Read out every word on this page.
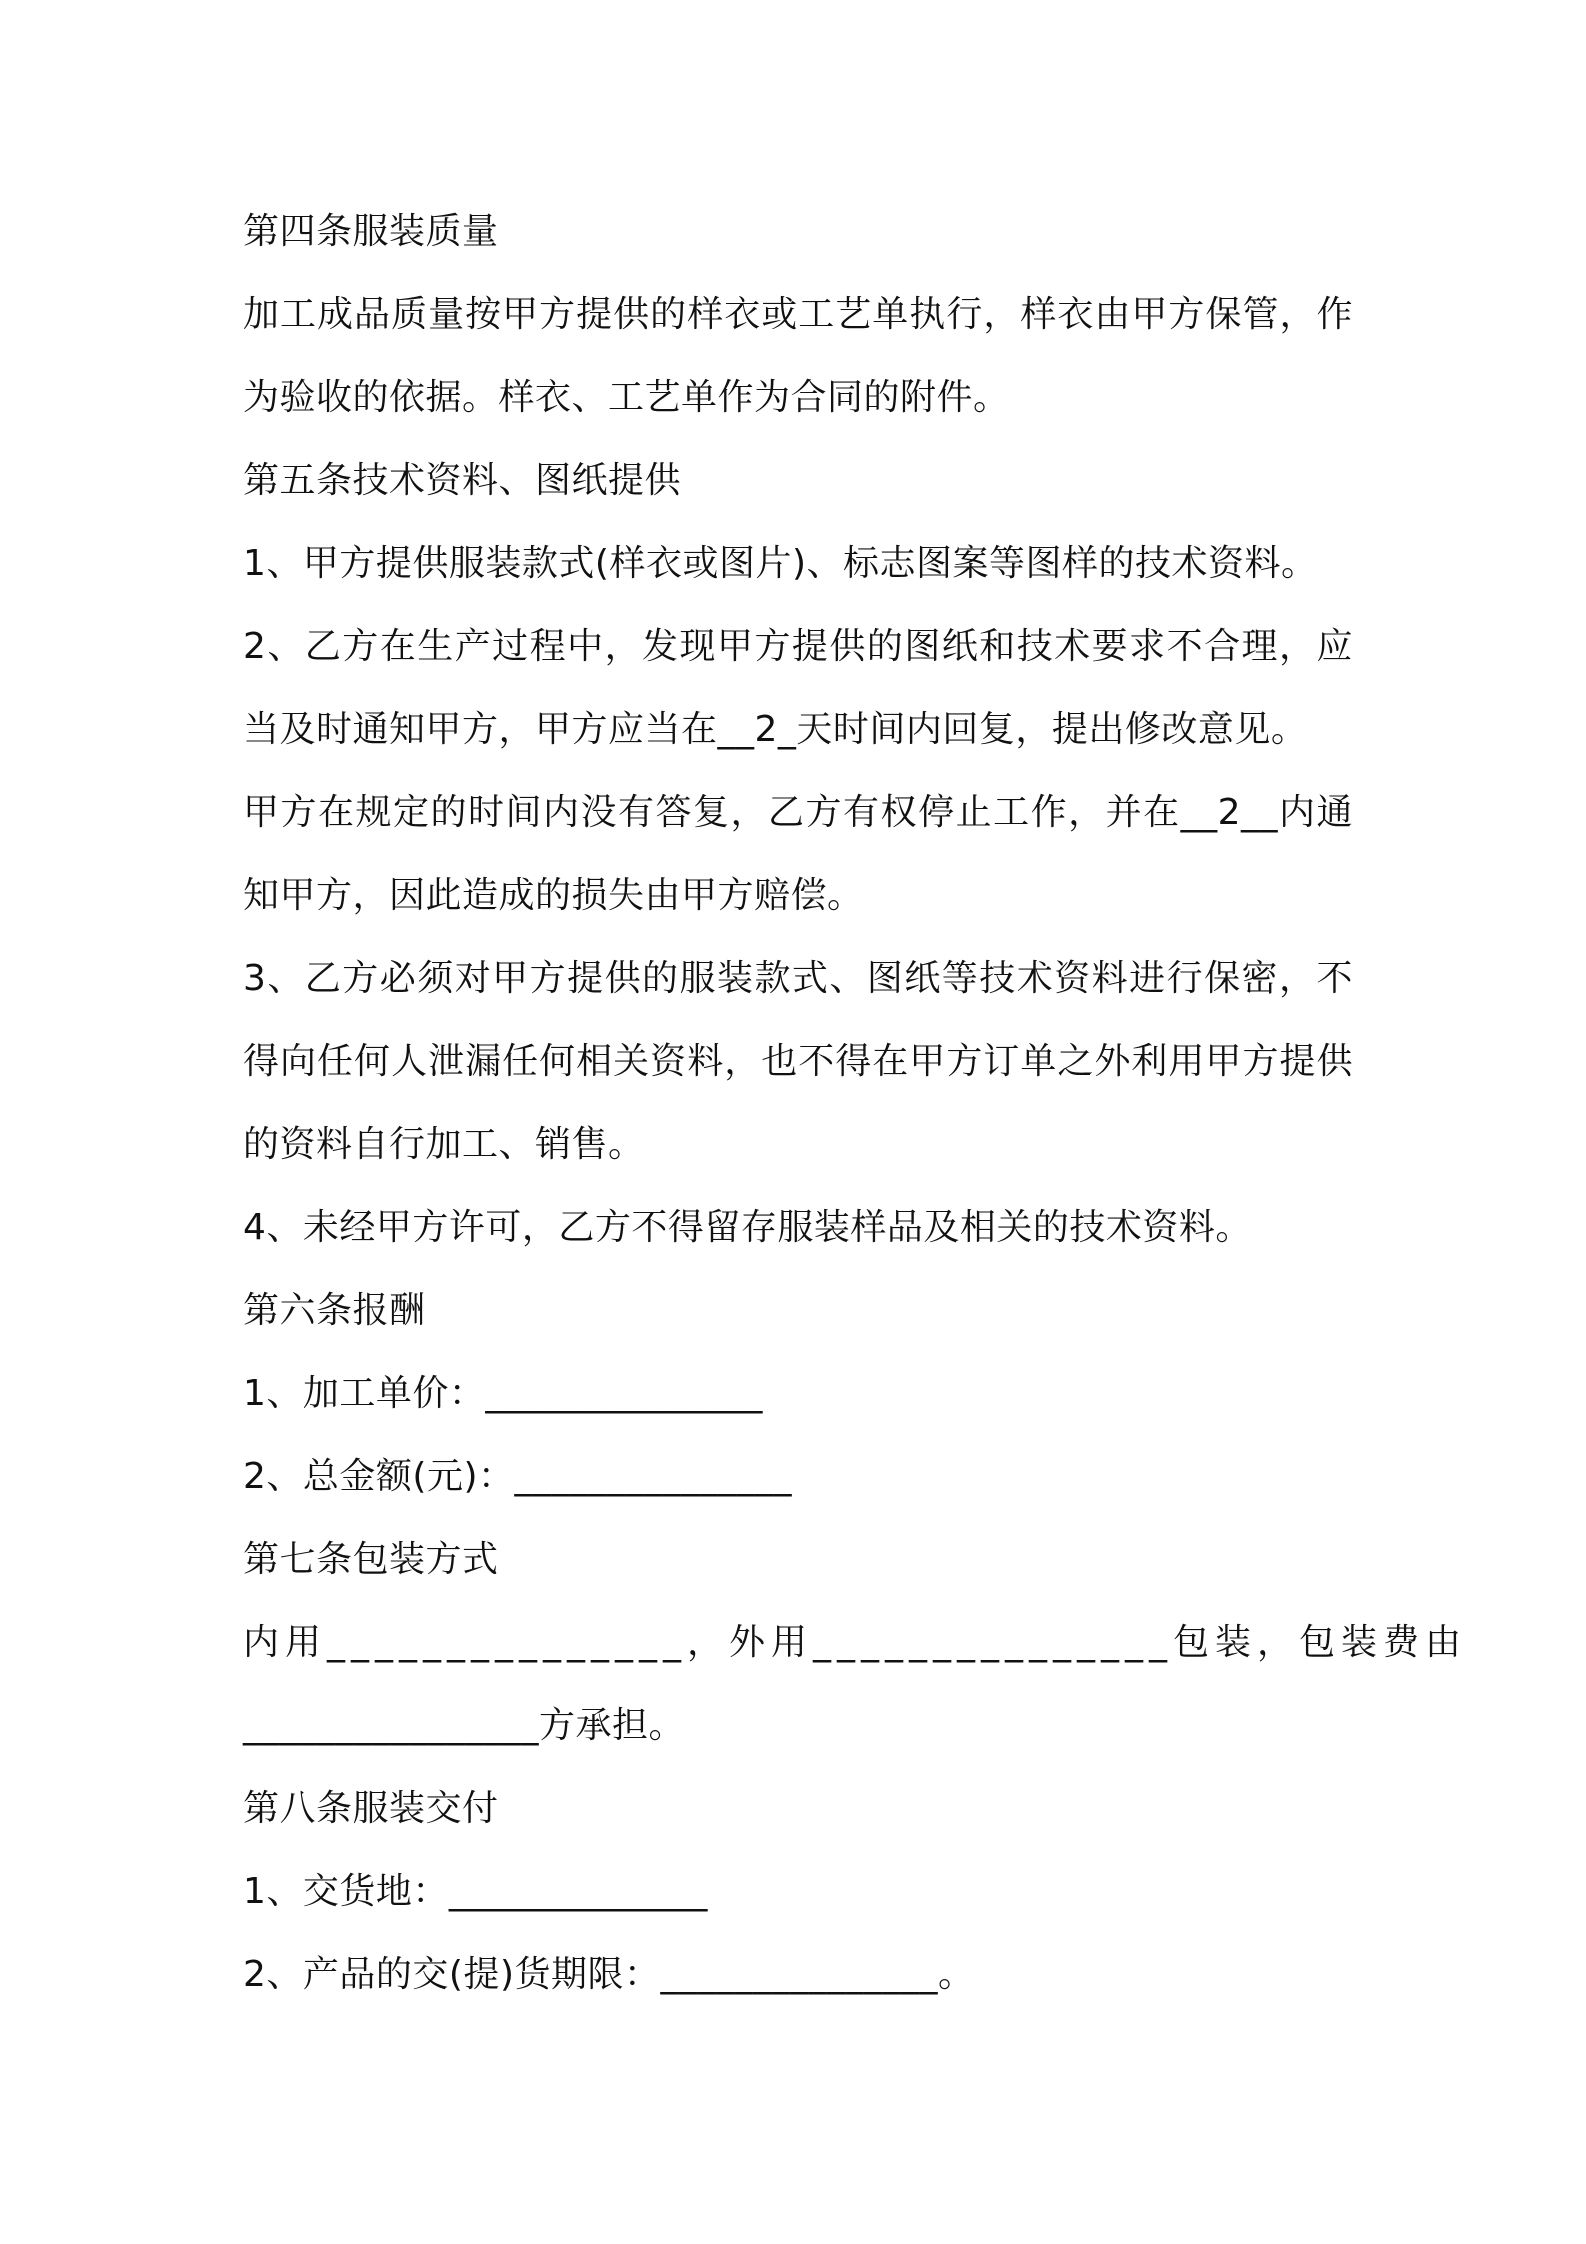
第四条服装质量
加工成品质量按甲方提供的样衣或工艺单执行，样衣由甲方保管，作
为验收的依据。样衣、工艺单作为合同的附件。
第五条技术资料、图纸提供
1、甲方提供服装款式(样衣或图片)、标志图案等图样的技术资料。
2、乙方在生产过程中，发现甲方提供的图纸和技术要求不合理，应
当及时通知甲方，甲方应当在__2_天时间内回复，提出修改意见。
甲方在规定的时间内没有答复，乙方有权停止工作，并在__2__内通
知甲方，因此造成的损失由甲方赔偿。
3、乙方必须对甲方提供的服装款式、图纸等技术资料进行保密，不
得向任何人泄漏任何相关资料，也不得在甲方订单之外利用甲方提供
的资料自行加工、销售。
4、未经甲方许可，乙方不得留存服装样品及相关的技术资料。
第六条报酬
1、加工单价：_______________
2、总金额(元)：_______________
第七条包装方式
内用_______________，外用_______________包装，包装费由
________________方承担。
第八条服装交付
1、交货地：______________
2、产品的交(提)货期限：_______________。
